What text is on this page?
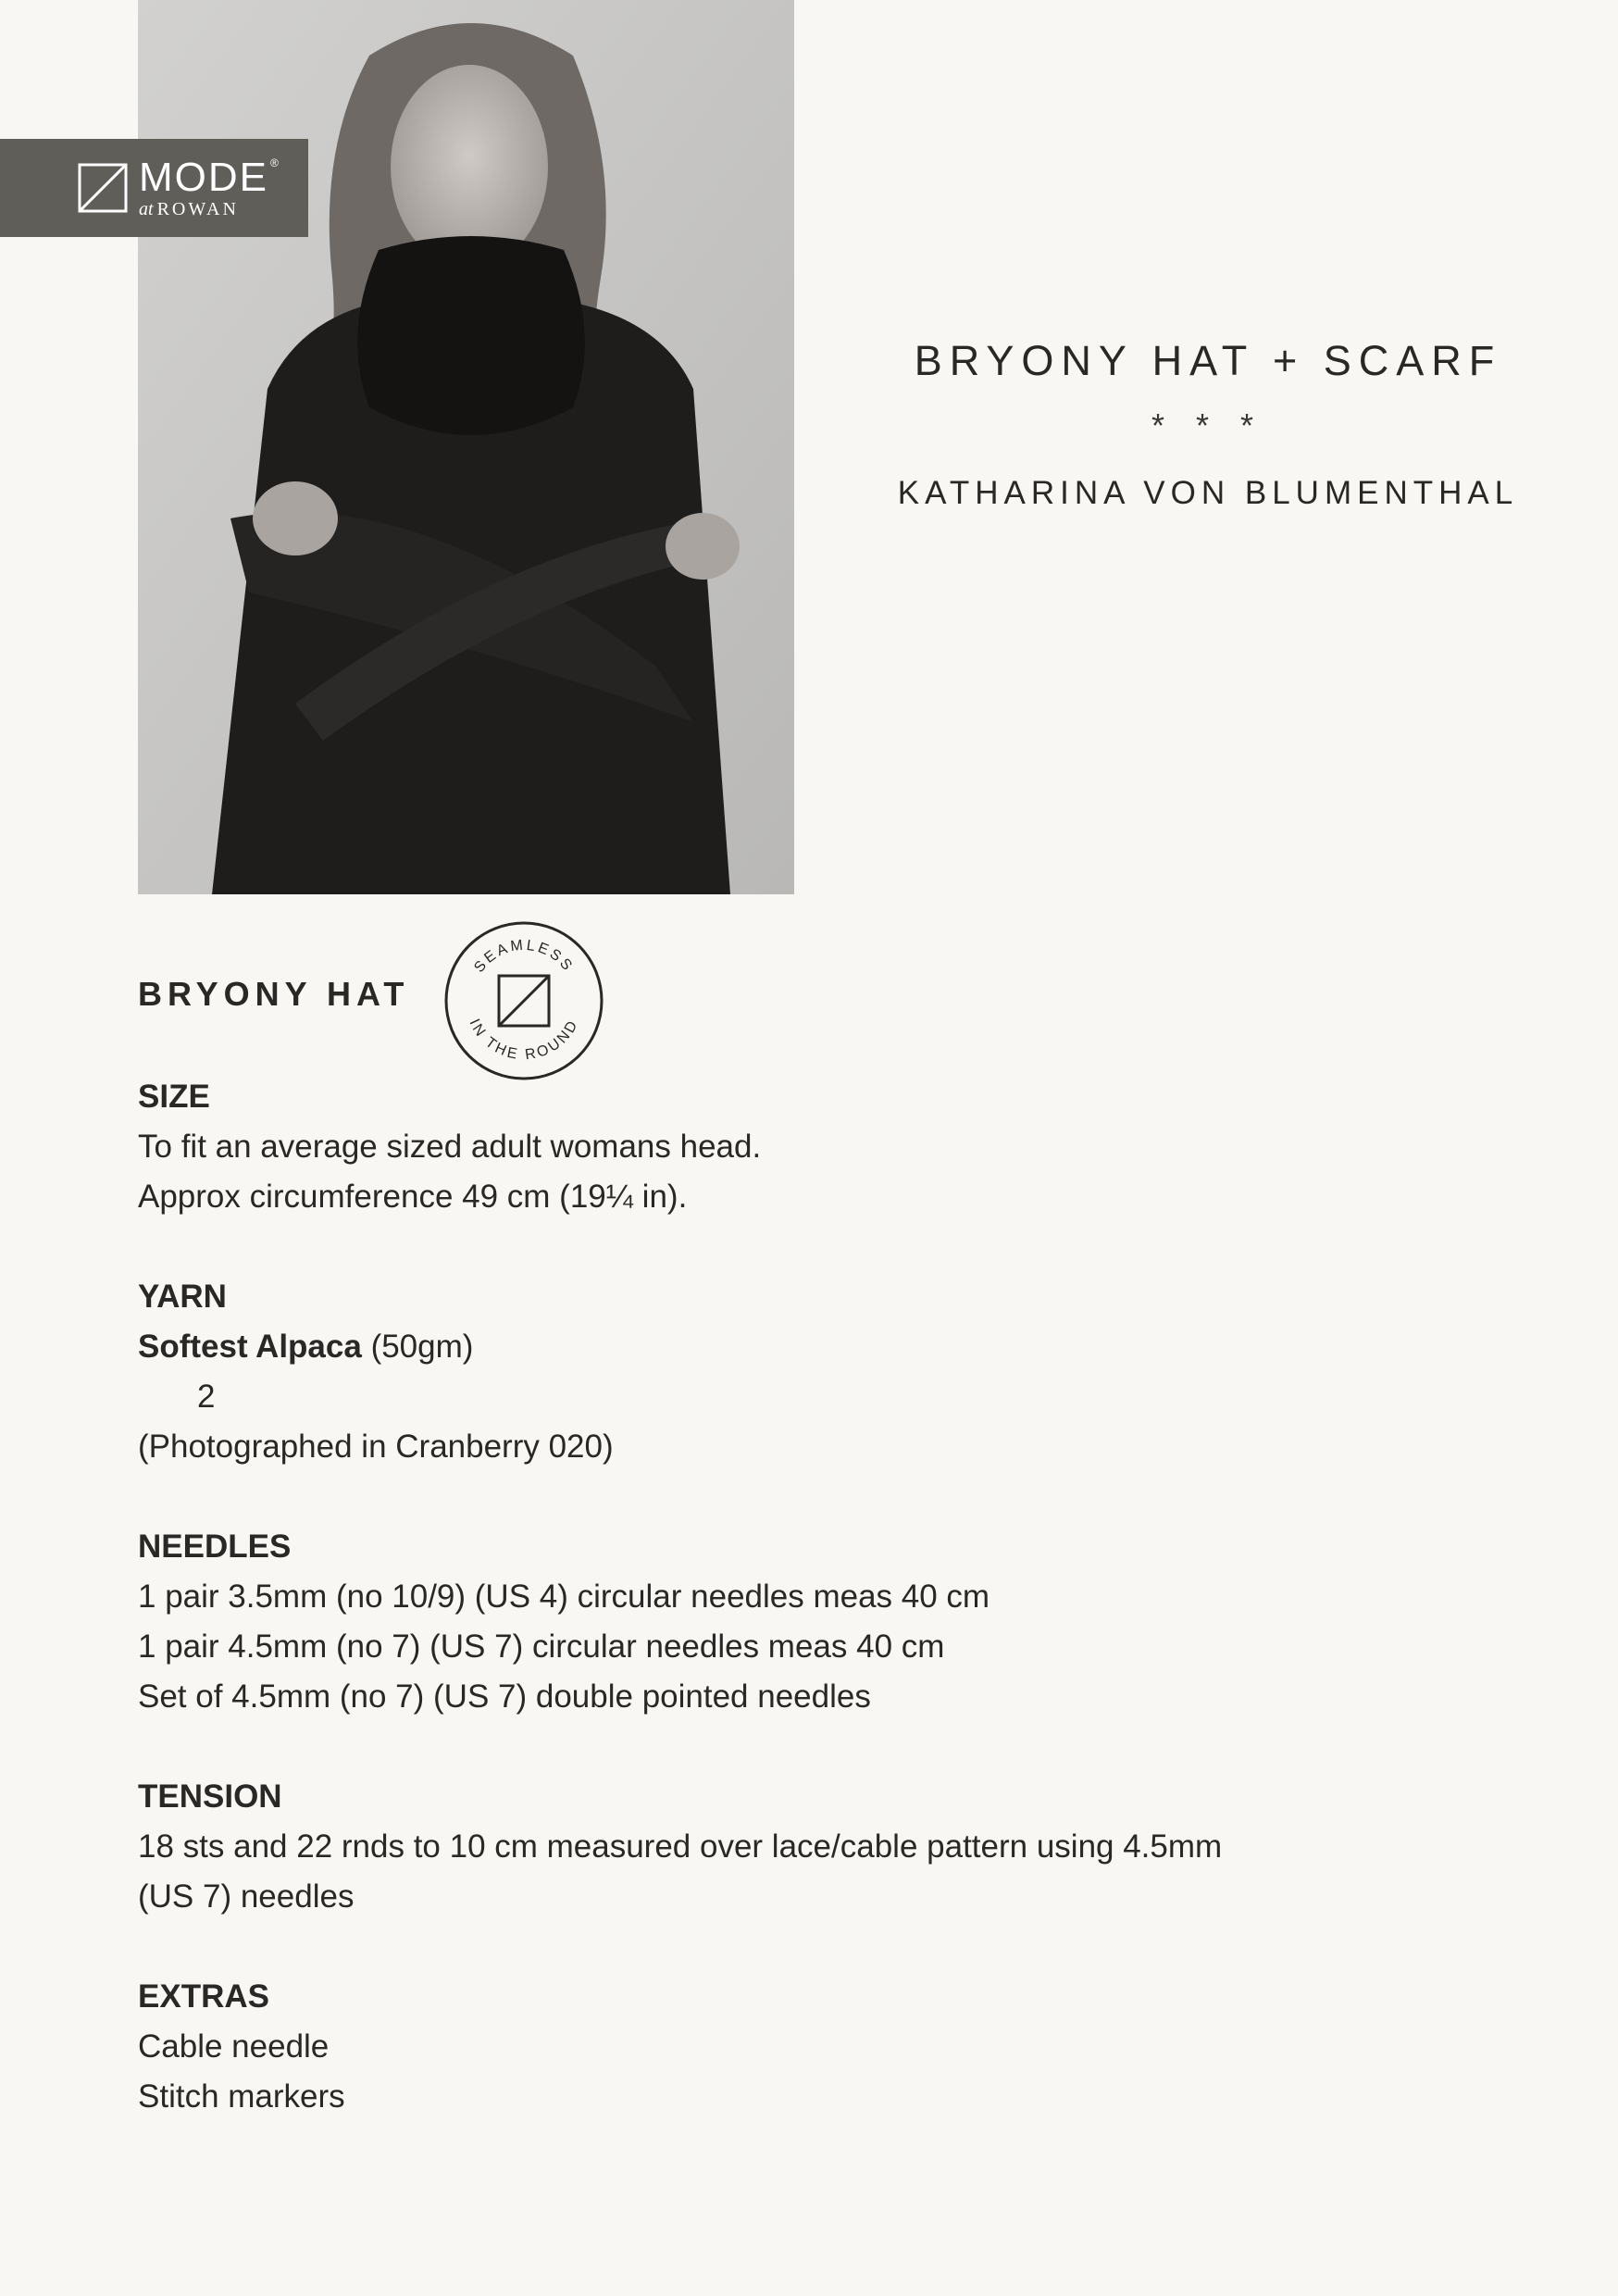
MODE ®
at ROWAN
BRYONY HAT + SCARF
* * *
KATHARINA VON BLUMENTHAL
BRYONY HAT
SEAMLESS
IN THE ROUND
SIZE
To fit an average sized adult womans head.
Approx circumference 49 cm (19¼ in).
YARN
Softest Alpaca (50gm)
2
(Photographed in Cranberry 020)
NEEDLES
1 pair 3.5mm (no 10/9) (US 4) circular needles meas 40 cm
1 pair 4.5mm (no 7) (US 7) circular needles meas 40 cm
Set of 4.5mm (no 7) (US 7) double pointed needles
TENSION
18 sts and 22 rnds to 10 cm measured over lace/cable pattern using 4.5mm
(US 7) needles
EXTRAS
Cable needle
Stitch markers
